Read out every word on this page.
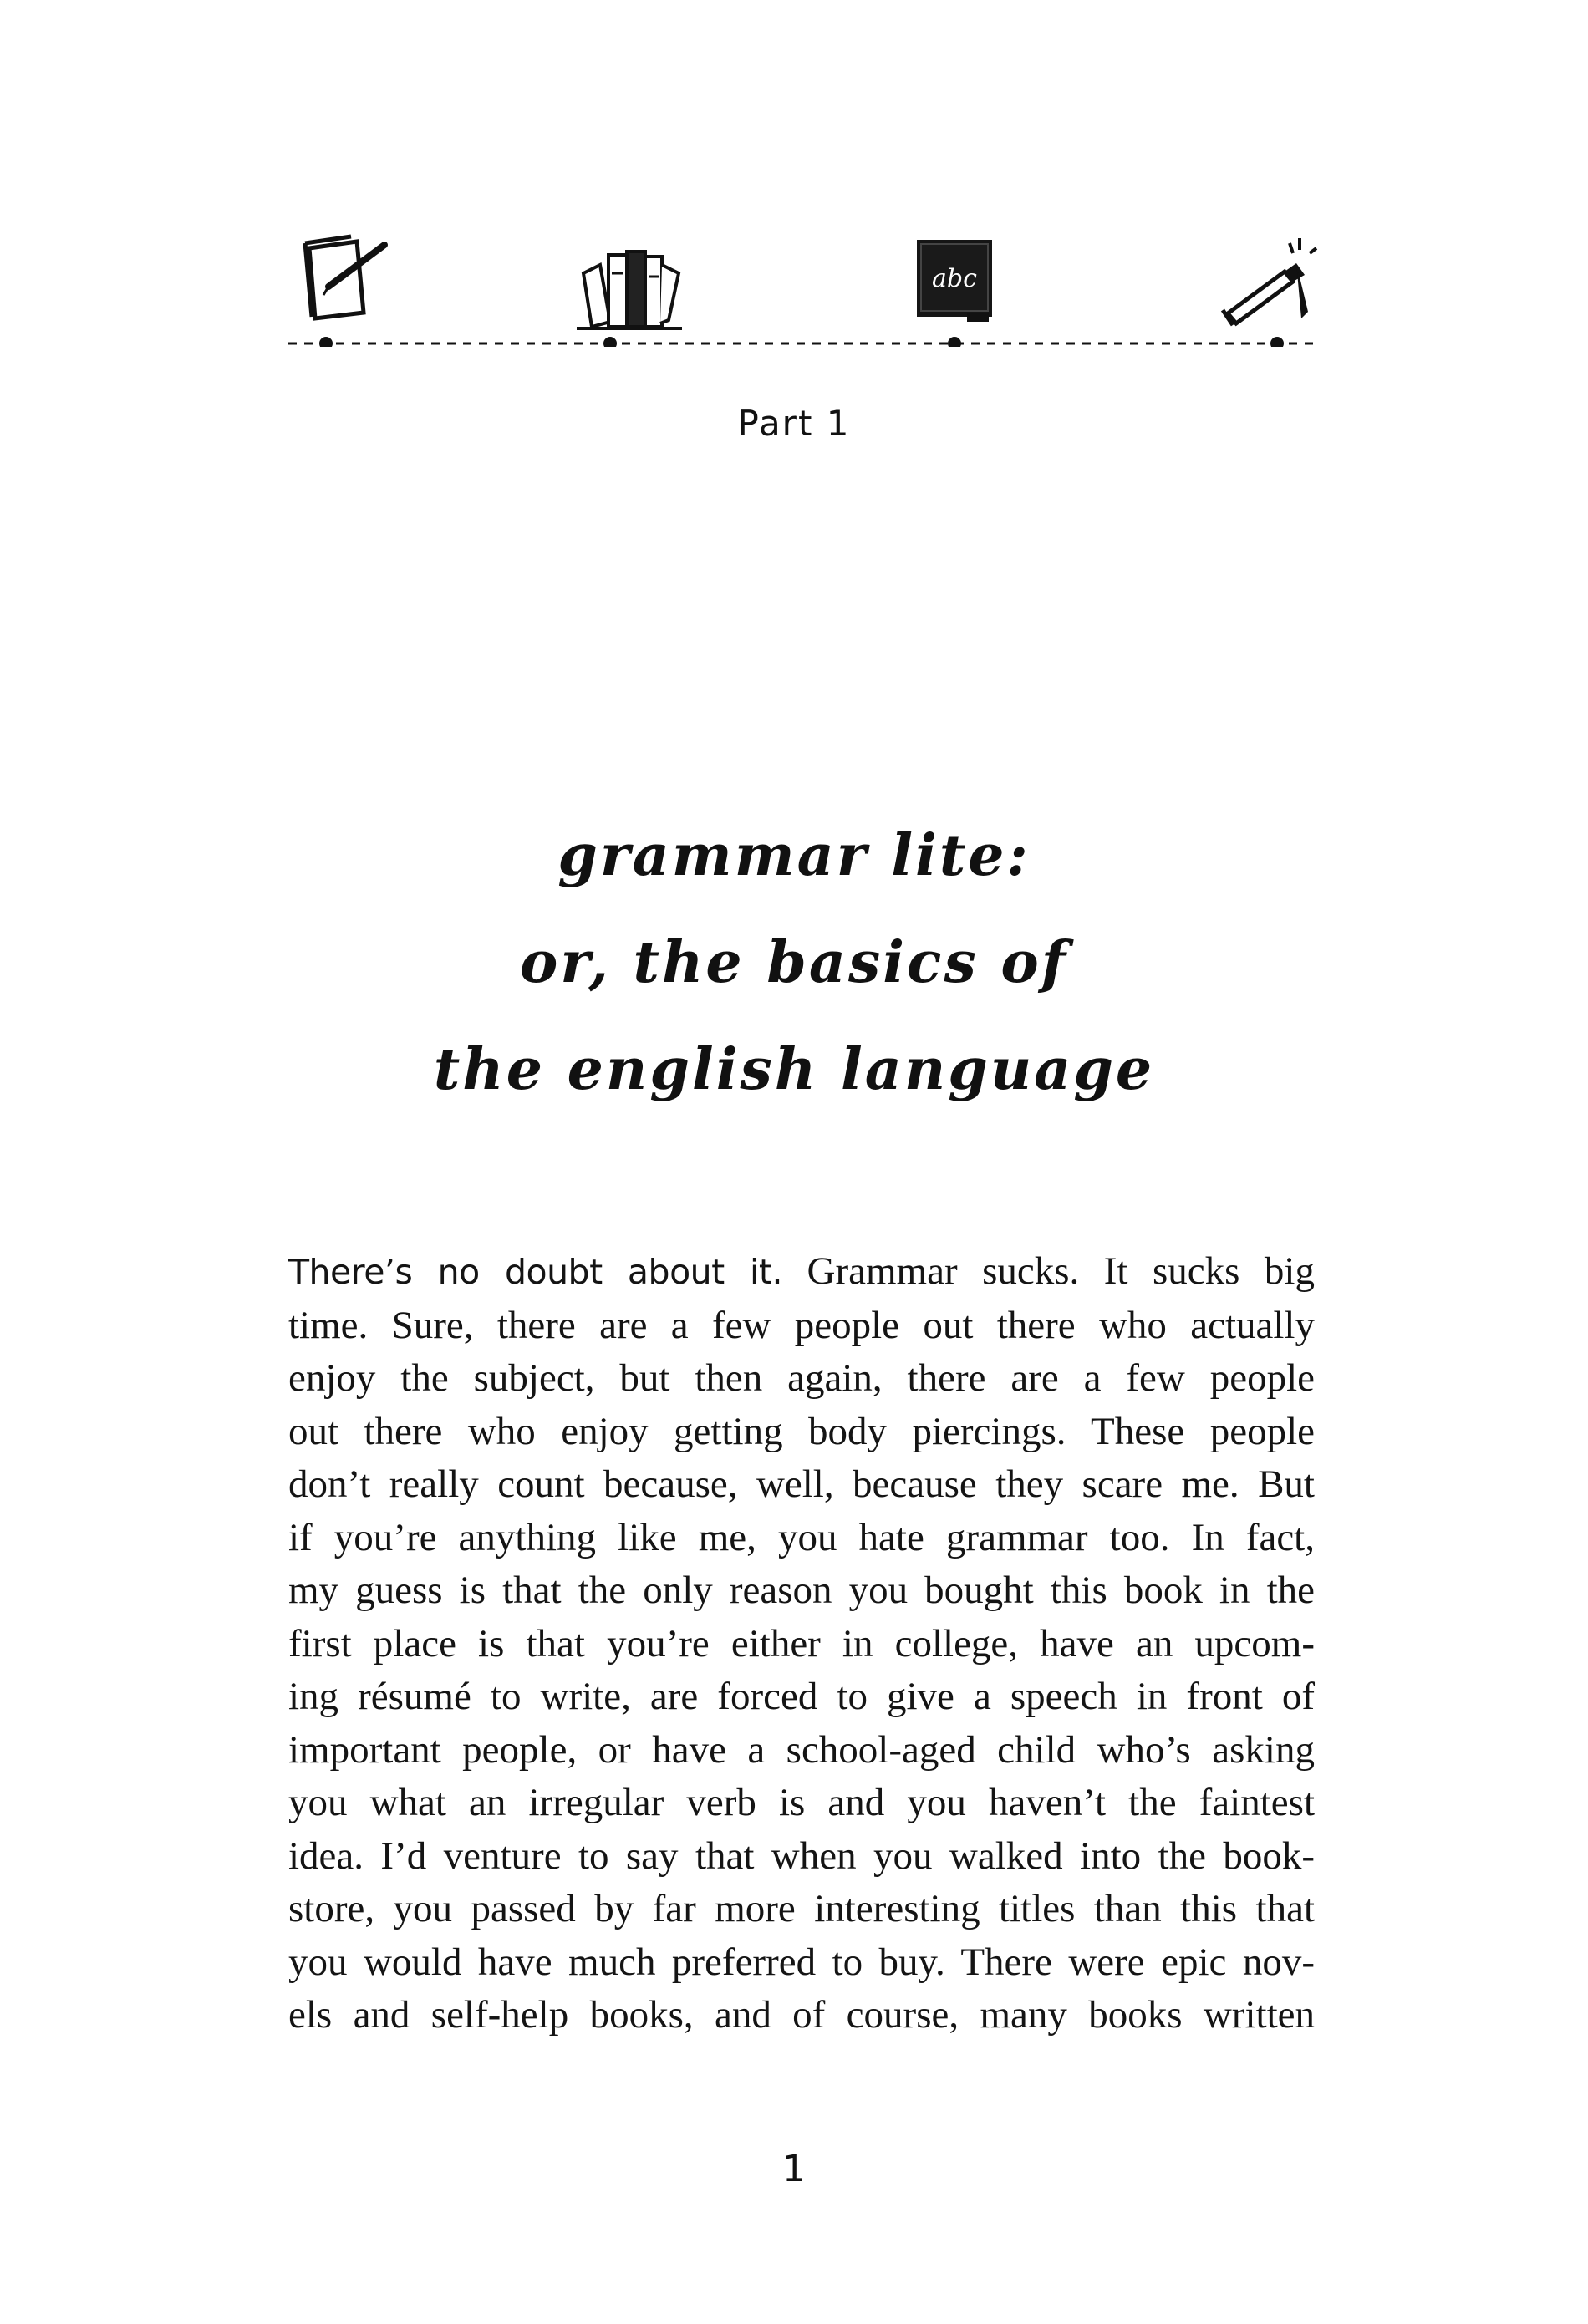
abc
Part 1
grammar lite:
or, the basics of
the english language
There’s no doubt about it. Grammar sucks. It sucks big
time. Sure, there are a few people out there who actually
enjoy the subject, but then again, there are a few people
out there who enjoy getting body piercings. These people
don’t really count because, well, because they scare me. But
if you’re anything like me, you hate grammar too. In fact,
my guess is that the only reason you bought this book in the
first place is that you’re either in college, have an upcom-
ing résumé to write, are forced to give a speech in front of
important people, or have a school-aged child who’s asking
you what an irregular verb is and you haven’t the faintest
idea. I’d venture to say that when you walked into the book-
store, you passed by far more interesting titles than this that
you would have much preferred to buy. There were epic nov-
els and self-help books, and of course, many books written
1
